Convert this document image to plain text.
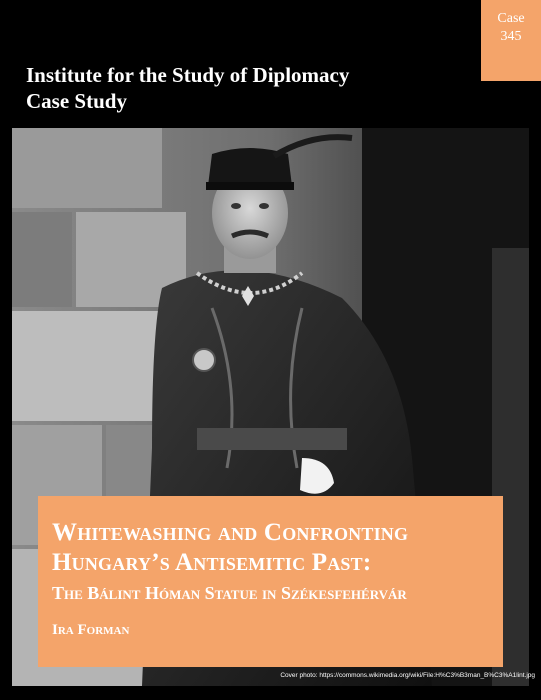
Institute for the Study of Diplomacy
Case Study
Case
345
Whitewashing and Confronting
Hungary’s Antisemitic Past:
The Bálint Hóman Statue in Székesfehérvár
Ira Forman
Cover photo: https://commons.wikimedia.org/wiki/File:H%C3%B3man_B%C3%A1lint.jpg
